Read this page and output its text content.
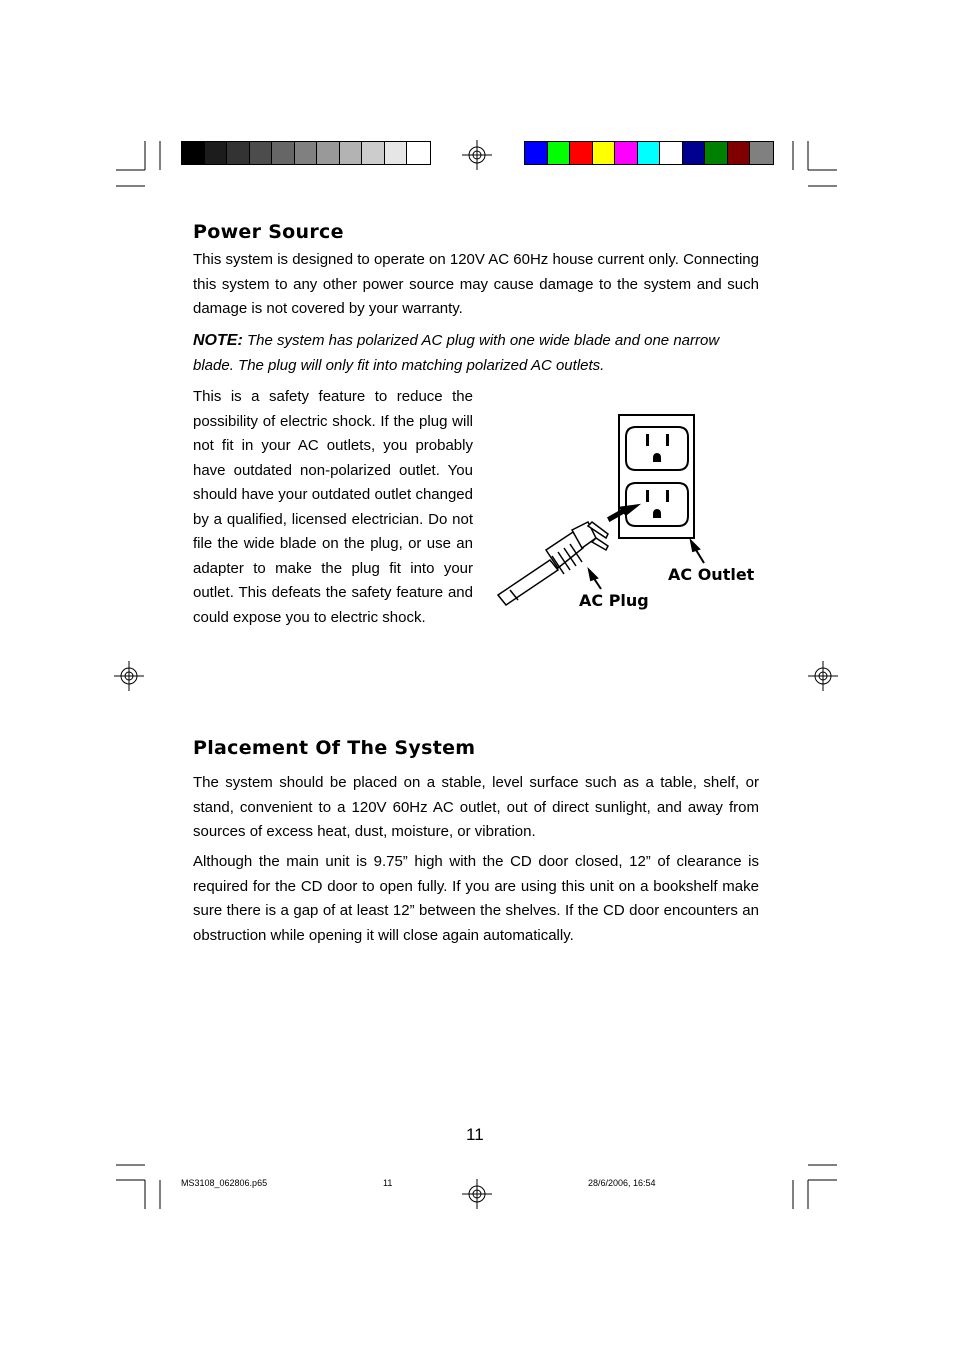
Power Source

This system is designed to operate on 120V AC 60Hz house current only. Connecting this system to any other power source may cause damage to the system and such damage is not covered by your warranty.

NOTE: The system has polarized AC plug with one wide blade and one narrow blade. The plug will only fit into matching polarized AC outlets.

This is a safety feature to reduce the possibility of electric shock. If the plug will not fit in your AC outlets, you probably have outdated non-polarized outlet. You should have your outdated outlet changed by a qualified, licensed electrician. Do not file the wide blade on the plug, or use an adapter to make the plug fit into your outlet. This defeats the safety feature and could expose you to electric shock.

AC Outlet
AC Plug
Placement Of The System

The system should be placed on a stable, level surface such as a table, shelf, or stand, convenient to a 120V 60Hz AC outlet, out of direct sunlight, and away from sources of excess heat, dust, moisture, or vibration.

Although the main unit is 9.75” high with the CD door closed, 12” of clearance is required for the CD door to open fully. If you are using this unit on a bookshelf make sure there is a gap of at least 12” between the shelves. If the CD door encounters an obstruction while opening it will close again automatically.

11
MS3108_062806.p65	11	28/6/2006, 16:54
